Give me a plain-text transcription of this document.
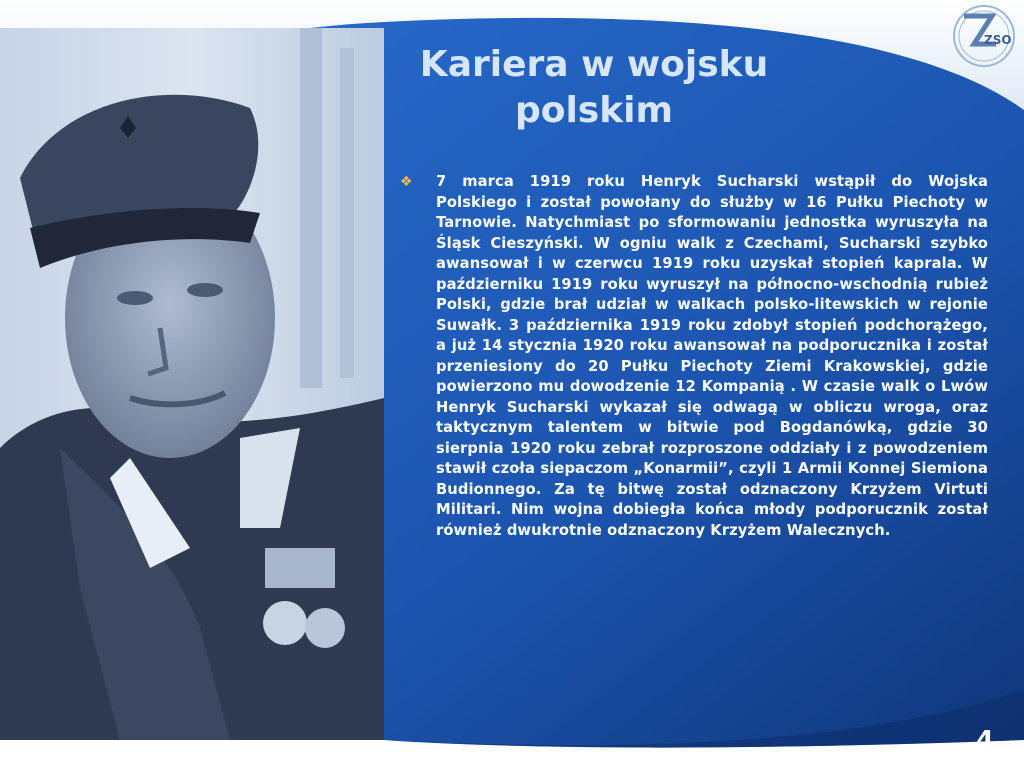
Kariera w wojsku polskim
❖	7 marca 1919 roku Henryk Sucharski wstąpił do Wojska Polskiego i został powołany do służby w 16 Pułku Piechoty w Tarnowie. Natychmiast po sformowaniu jednostka wyruszyła na Śląsk Cieszyński. W ogniu walk z Czechami, Sucharski szybko awansował i w czerwcu 1919 roku uzyskał stopień kaprala. W październiku 1919 roku wyruszył na północno-wschodnią rubież Polski, gdzie brał udział w walkach polsko-litewskich w rejonie Suwałk. 3 października 1919 roku zdobył stopień podchorążego, a już 14 stycznia 1920 roku awansował na podporucznika i został przeniesiony do 20 Pułku Piechoty Ziemi Krakowskiej, gdzie powierzono mu dowodzenie 12 Kompanią . W czasie walk o Lwów Henryk Sucharski wykazał się odwagą w obliczu wroga, oraz taktycznym talentem w bitwie pod Bogdanówką, gdzie 30 sierpnia 1920 roku zebrał rozproszone oddziały i z powodzeniem stawił czoła siepaczom „Konarmii”, czyli 1 Armii Konnej Siemiona Budionnego. Za tę bitwę został odznaczony Krzyżem Virtuti Militari. Nim wojna dobiegła końca młody podporucznik został również dwukrotnie odznaczony Krzyżem Walecznych.
ZSO
4
